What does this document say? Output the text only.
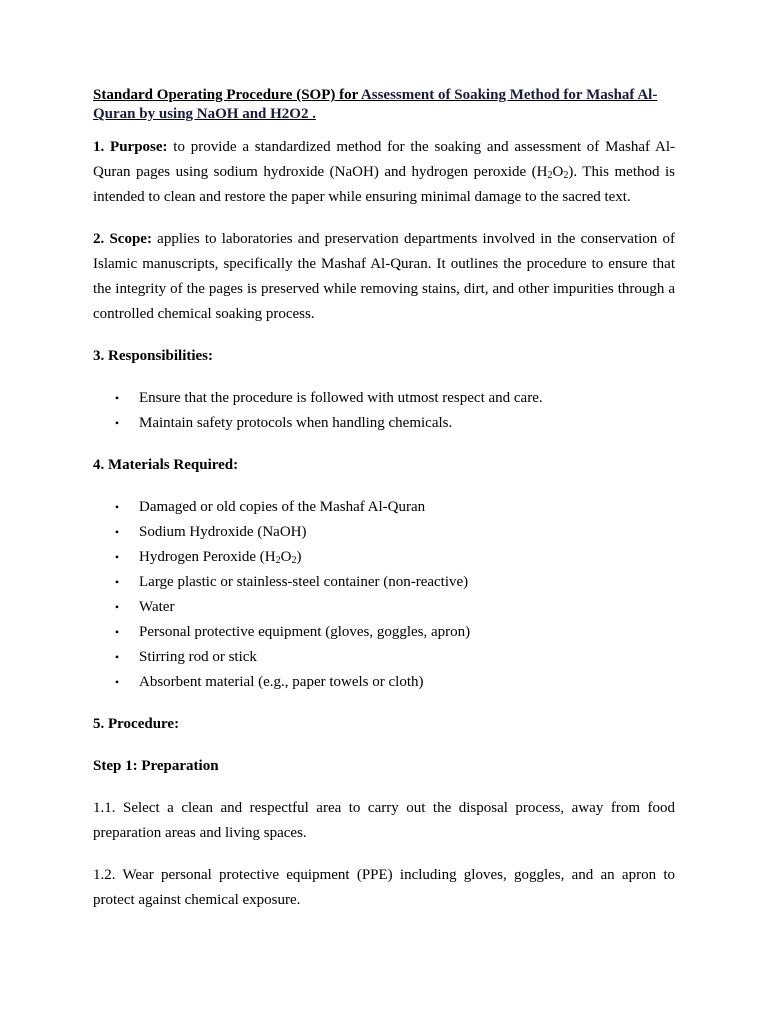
Standard Operating Procedure (SOP) for Assessment of Soaking Method for Mashaf Al-Quran by using NaOH and H2O2 .

1. Purpose: to provide a standardized method for the soaking and assessment of Mashaf Al-Quran pages using sodium hydroxide (NaOH) and hydrogen peroxide $(H_2O_2)$. This method is intended to clean and restore the paper while ensuring minimal damage to the sacred text.

2. Scope: applies to laboratories and preservation departments involved in the conservation of Islamic manuscripts, specifically the Mashaf Al-Quran. It outlines the procedure to ensure that the integrity of the pages is preserved while removing stains, dirt, and other impurities through a controlled chemical soaking process.

3. Responsibilities:

• Ensure that the procedure is followed with utmost respect and care.
• Maintain safety protocols when handling chemicals.

4. Materials Required:

• Damaged or old copies of the Mashaf Al-Quran
• Sodium Hydroxide (NaOH)
• Hydrogen Peroxide $(H_2O_2)$
• Large plastic or stainless-steel container (non-reactive)
• Water
• Personal protective equipment (gloves, goggles, apron)
• Stirring rod or stick
• Absorbent material (e.g., paper towels or cloth)

5. Procedure:

Step 1: Preparation

1.1. Select a clean and respectful area to carry out the disposal process, away from food preparation areas and living spaces.

1.2. Wear personal protective equipment (PPE) including gloves, goggles, and an apron to protect against chemical exposure.
